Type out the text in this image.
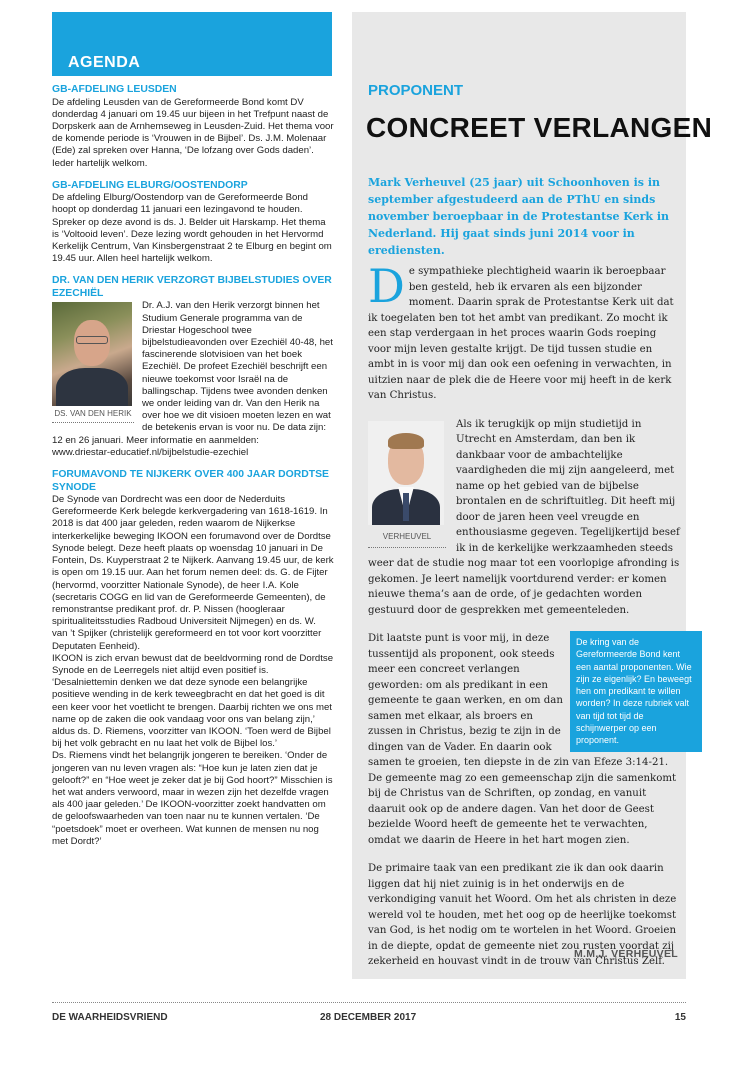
AGENDA
GB-AFDELING LEUSDEN

De afdeling Leusden van de Gereformeerde Bond komt DV donderdag 4 januari om 19.45 uur bijeen in het Trefpunt naast de Dorpskerk aan de Arnhemseweg in Leusden-Zuid. Het thema voor de komende periode is ‘Vrouwen in de Bijbel’. Ds. J.M. Molenaar (Ede) zal spreken over Hanna, ‘De lofzang over Gods daden’. Ieder hartelijk welkom.

GB-AFDELING ELBURG/OOSTENDORP

De afdeling Elburg/Oostendorp van de Gereformeerde Bond hoopt op donderdag 11 januari een lezingavond te houden. Spreker op deze avond is ds. J. Belder uit Harskamp. Het thema is ‘Voltooid leven’. Deze lezing wordt gehouden in het Hervormd Kerkelijk Centrum, Van Kinsbergenstraat 2 te Elburg en begint om 19.45 uur. Allen heel hartelijk welkom.

DR. VAN DEN HERIK VERZORGT BIJBELSTUDIES OVER EZECHIËL
DS. VAN DEN HERIK

Dr. A.J. van den Herik verzorgt binnen het Studium Generale programma van de Driestar Hogeschool twee bijbelstudieavonden over Ezechiël 40-48, het fascinerende slotvisioen van het boek Ezechiël. De profeet Ezechiël beschrijft een nieuwe toekomst voor Israël na de ballingschap. Tijdens twee avonden denken we onder leiding van dr. Van den Herik na over hoe we dit visioen moeten lezen en wat de betekenis ervan is voor nu. De data zijn: 12 en 26 januari. Meer informatie en aanmelden:

www.driestar-educatief.nl/bijbelstudie-ezechiel

FORUMAVOND TE NIJKERK OVER 400 JAAR DORDTSE SYNODE

De Synode van Dordrecht was een door de Nederduits Gereformeerde Kerk belegde kerkvergadering van 1618-1619. In 2018 is dat 400 jaar geleden, reden waarom de Nijkerkse interkerkelijke beweging IKOON een forumavond over de Dordtse Synode belegt. Deze heeft plaats op woensdag 10 januari in De Fontein, Ds. Kuyperstraat 2 te Nijkerk. Aanvang 19.45 uur, de kerk is open om 19.15 uur. Aan het forum nemen deel: ds. G. de Fijter (hervormd, voorzitter Nationale Synode), de heer I.A. Kole (secretaris COGG en lid van de Gereformeerde Gemeenten), de remonstrantse predikant prof. dr. P. Nissen (hoogleraar spiritualiteitsstudies Radboud Universiteit Nijmegen) en ds. W. van ’t Spijker (christelijk gereformeerd en tot voor kort voorzitter Deputaten Eenheid).

IKOON is zich ervan bewust dat de beeldvorming rond de Dordtse Synode en de Leerregels niet altijd even positief is. ‘Desalniettemin denken we dat deze synode een belangrijke positieve wending in de kerk teweegbracht en dat het goed is dit een keer voor het voetlicht te brengen. Daarbij richten we ons met name op de zaken die ook vandaag voor ons van belang zijn,’ aldus ds. D. Riemens, voorzitter van IKOON. ‘Toen werd de Bijbel bij het volk gebracht en nu laat het volk de Bijbel los.’

Ds. Riemens vindt het belangrijk jongeren te bereiken. ‘Onder de jongeren van nu leven vragen als: “Hoe kun je laten zien dat je gelooft?” en “Hoe weet je zeker dat je bij God hoort?” Misschien is het wat anders verwoord, maar in wezen zijn het dezelfde vragen als 400 jaar geleden.’ De IKOON-voorzitter zoekt handvatten om de geloofswaarheden van toen naar nu te kunnen vertalen. ‘De “poetsdoek” moet er overheen. Wat kunnen de mensen nu nog met Dordt?’

PROPONENT
CONCREET VERLANGEN
Mark Verheuvel (25 jaar) uit Schoonhoven is in september afgestudeerd aan de PThU en sinds november beroepbaar in de Protestantse Kerk in Nederland. Hij gaat sinds juni 2014 voor in erediensten.

De sympathieke plechtigheid waarin ik beroepbaar ben gesteld, heb ik ervaren als een bijzonder moment. Daarin sprak de Protestantse Kerk uit dat ik toegelaten ben tot het ambt van predikant. Zo mocht ik een stap verdergaan in het proces waarin Gods roeping voor mijn leven gestalte krijgt. De tijd tussen studie en ambt in is voor mij dan ook een oefening in verwachten, in uitzien naar de plek die de Heere voor mij heeft in de kerk van Christus.

VERHEUVEL
Als ik terugkijk op mijn studietijd in Utrecht en Amsterdam, dan ben ik dankbaar voor de ambachtelijke vaardigheden die mij zijn aangeleerd, met name op het gebied van de bijbelse brontalen en de schriftuitleg. Dit heeft mij door de jaren heen veel vreugde en enthousiasme gegeven. Tegelijkertijd besef ik in de kerkelijke werkzaamheden steeds weer dat de studie nog maar tot een voorlopige afronding is gekomen. Je leert namelijk voortdurend verder: er komen nieuwe thema’s aan de orde, of je gedachten worden gestuurd door de gesprekken met gemeenteleden.

De kring van de Gereformeerde Bond kent een aantal proponenten. Wie zijn ze eigenlijk? En beweegt hen om predikant te willen worden? In deze rubriek valt van tijd tot tijd de schijnwerper op een proponent.
Dit laatste punt is voor mij, in deze tussentijd als proponent, ook steeds meer een concreet verlangen geworden: om als predikant in een gemeente te gaan werken, en om dan samen met elkaar, als broers en zussen in Christus, bezig te zijn in de dingen van de Vader. En daarin ook samen te groeien, ten diepste in de zin van Efeze 3:14-21. De gemeente mag zo een gemeenschap zijn die samenkomt bij de Christus van de Schriften, op zondag, en vanuit daaruit ook op de andere dagen. Van het door de Geest bezielde Woord heeft de gemeente het te verwachten, omdat we daarin de Heere in het hart mogen zien.

De primaire taak van een predikant zie ik dan ook daarin liggen dat hij niet zuinig is in het onderwijs en de verkondiging vanuit het Woord. Om het als christen in deze wereld vol te houden, met het oog op de heerlijke toekomst van God, is het nodig om te wortelen in het Woord. Groeien in de diepte, opdat de gemeente niet zou rusten voordat zij zekerheid en houvast vindt in de trouw van Christus Zelf.

M.M.J. VERHEUVEL
DE WAARHEIDSVRIEND	28 DECEMBER 2017	15
